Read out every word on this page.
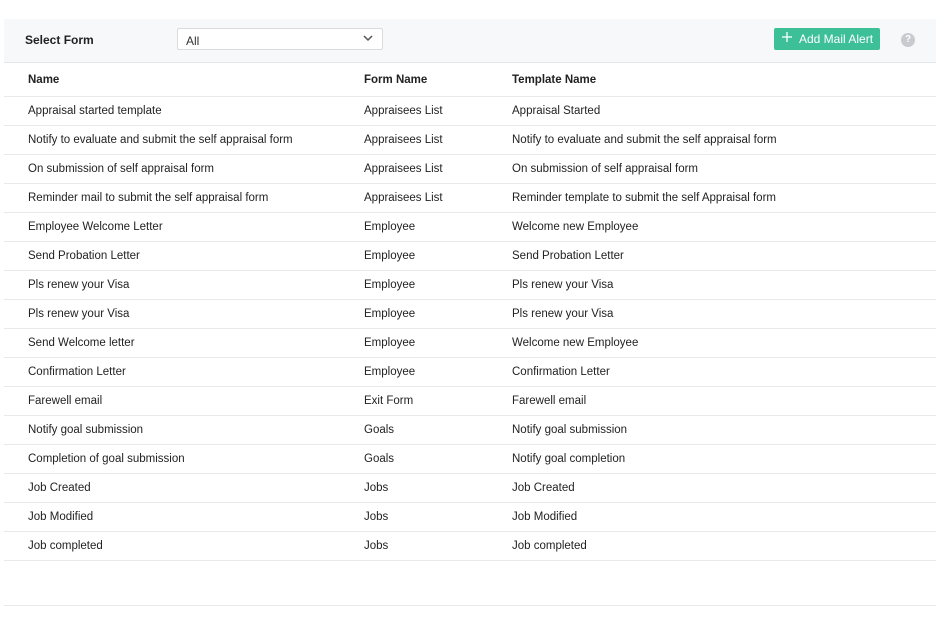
Select Form	All	Add Mail Alert	?
Name	Form Name	Template Name
Appraisal started template	Appraisees List	Appraisal Started
Notify to evaluate and submit the self appraisal form	Appraisees List	Notify to evaluate and submit the self appraisal form
On submission of self appraisal form	Appraisees List	On submission of self appraisal form
Reminder mail to submit the self appraisal form	Appraisees List	Reminder template to submit the self Appraisal form
Employee Welcome Letter	Employee	Welcome new Employee
Send Probation Letter	Employee	Send Probation Letter
Pls renew your Visa	Employee	Pls renew your Visa
Pls renew your Visa	Employee	Pls renew your Visa
Send Welcome letter	Employee	Welcome new Employee
Confirmation Letter	Employee	Confirmation Letter
Farewell email	Exit Form	Farewell email
Notify goal submission	Goals	Notify goal submission
Completion of goal submission	Goals	Notify goal completion
Job Created	Jobs	Job Created
Job Modified	Jobs	Job Modified
Job completed	Jobs	Job completed
